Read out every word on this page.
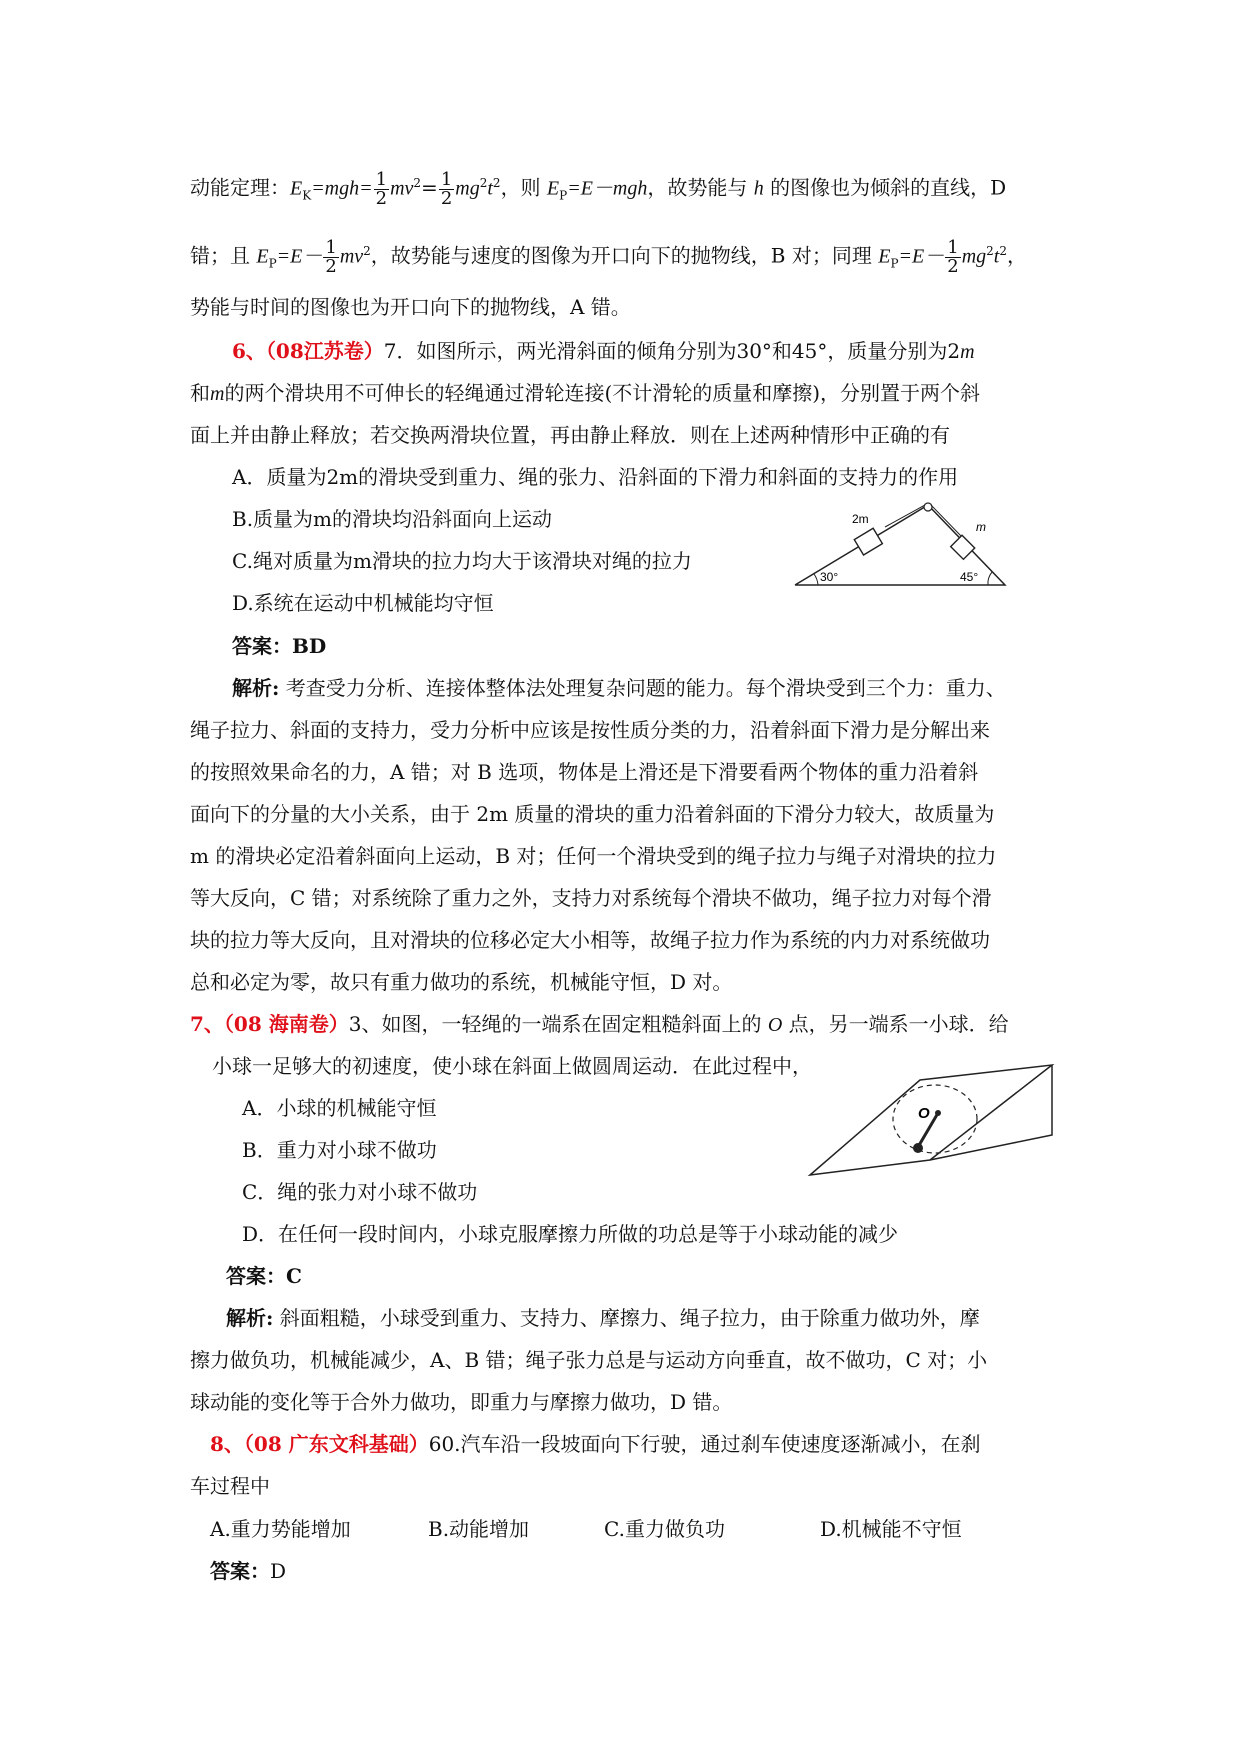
动能定理：$E_K=mgh= \frac{1}{2} mv^2= \frac{1}{2} mg^2t^2$，则 $E_P=E-mgh$，故势能与 h 的图像也为倾斜的直线，D
错；且 $E_P=E- \frac{1}{2} mv^2$，故势能与速度的图像为开口向下的抛物线，B 对；同理 $E_P=E- \frac{1}{2} mg^2t^2$，
势能与时间的图像也为开口向下的抛物线，A 错。
6、（08江苏卷）7．如图所示，两光滑斜面的倾角分别为30°和45°，质量分别为2m
和m的两个滑块用不可伸长的轻绳通过滑轮连接(不计滑轮的质量和摩擦)，分别置于两个斜
面上并由静止释放；若交换两滑块位置，再由静止释放．则在上述两种情形中正确的有
A．质量为2m的滑块受到重力、绳的张力、沿斜面的下滑力和斜面的支持力的作用
B.质量为m的滑块均沿斜面向上运动
C.绳对质量为m滑块的拉力均大于该滑块对绳的拉力
D.系统在运动中机械能均守恒
答案：BD
2m
m
30°	45°
解析: 考查受力分析、连接体整体法处理复杂问题的能力。每个滑块受到三个力：重力、
绳子拉力、斜面的支持力，受力分析中应该是按性质分类的力，沿着斜面下滑力是分解出来
的按照效果命名的力，A 错；对 B 选项，物体是上滑还是下滑要看两个物体的重力沿着斜
面向下的分量的大小关系，由于 2m 质量的滑块的重力沿着斜面的下滑分力较大，故质量为
m 的滑块必定沿着斜面向上运动，B 对；任何一个滑块受到的绳子拉力与绳子对滑块的拉力
等大反向，C 错；对系统除了重力之外，支持力对系统每个滑块不做功，绳子拉力对每个滑
块的拉力等大反向，且对滑块的位移必定大小相等，故绳子拉力作为系统的内力对系统做功
总和必定为零，故只有重力做功的系统，机械能守恒，D 对。
7、（08 海南卷）3、如图，一轻绳的一端系在固定粗糙斜面上的 O 点，另一端系一小球．给
小球一足够大的初速度，使小球在斜面上做圆周运动．在此过程中，
A．小球的机械能守恒
B．重力对小球不做功
C．绳的张力对小球不做功
D．在任何一段时间内，小球克服摩擦力所做的功总是等于小球动能的减少
答案：C
O
解析: 斜面粗糙，小球受到重力、支持力、摩擦力、绳子拉力，由于除重力做功外，摩
擦力做负功，机械能减少，A、B 错；绳子张力总是与运动方向垂直，故不做功，C 对；小
球动能的变化等于合外力做功，即重力与摩擦力做功，D 错。
8、（08 广东文科基础）60.汽车沿一段坡面向下行驶，通过刹车使速度逐渐减小，在刹
车过程中
A.重力势能增加	B.动能增加	C.重力做负功	D.机械能不守恒
答案：D
